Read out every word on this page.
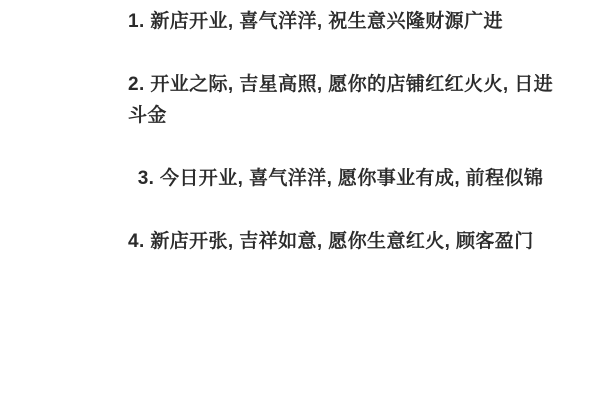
1. 新店开业, 喜气洋洋, 祝生意兴隆财源广进

2. 开业之际, 吉星高照, 愿你的店铺红红火火, 日进斗金

3. 今日开业, 喜气洋洋, 愿你事业有成, 前程似锦

4. 新店开张, 吉祥如意, 愿你生意红火, 顾客盈门
